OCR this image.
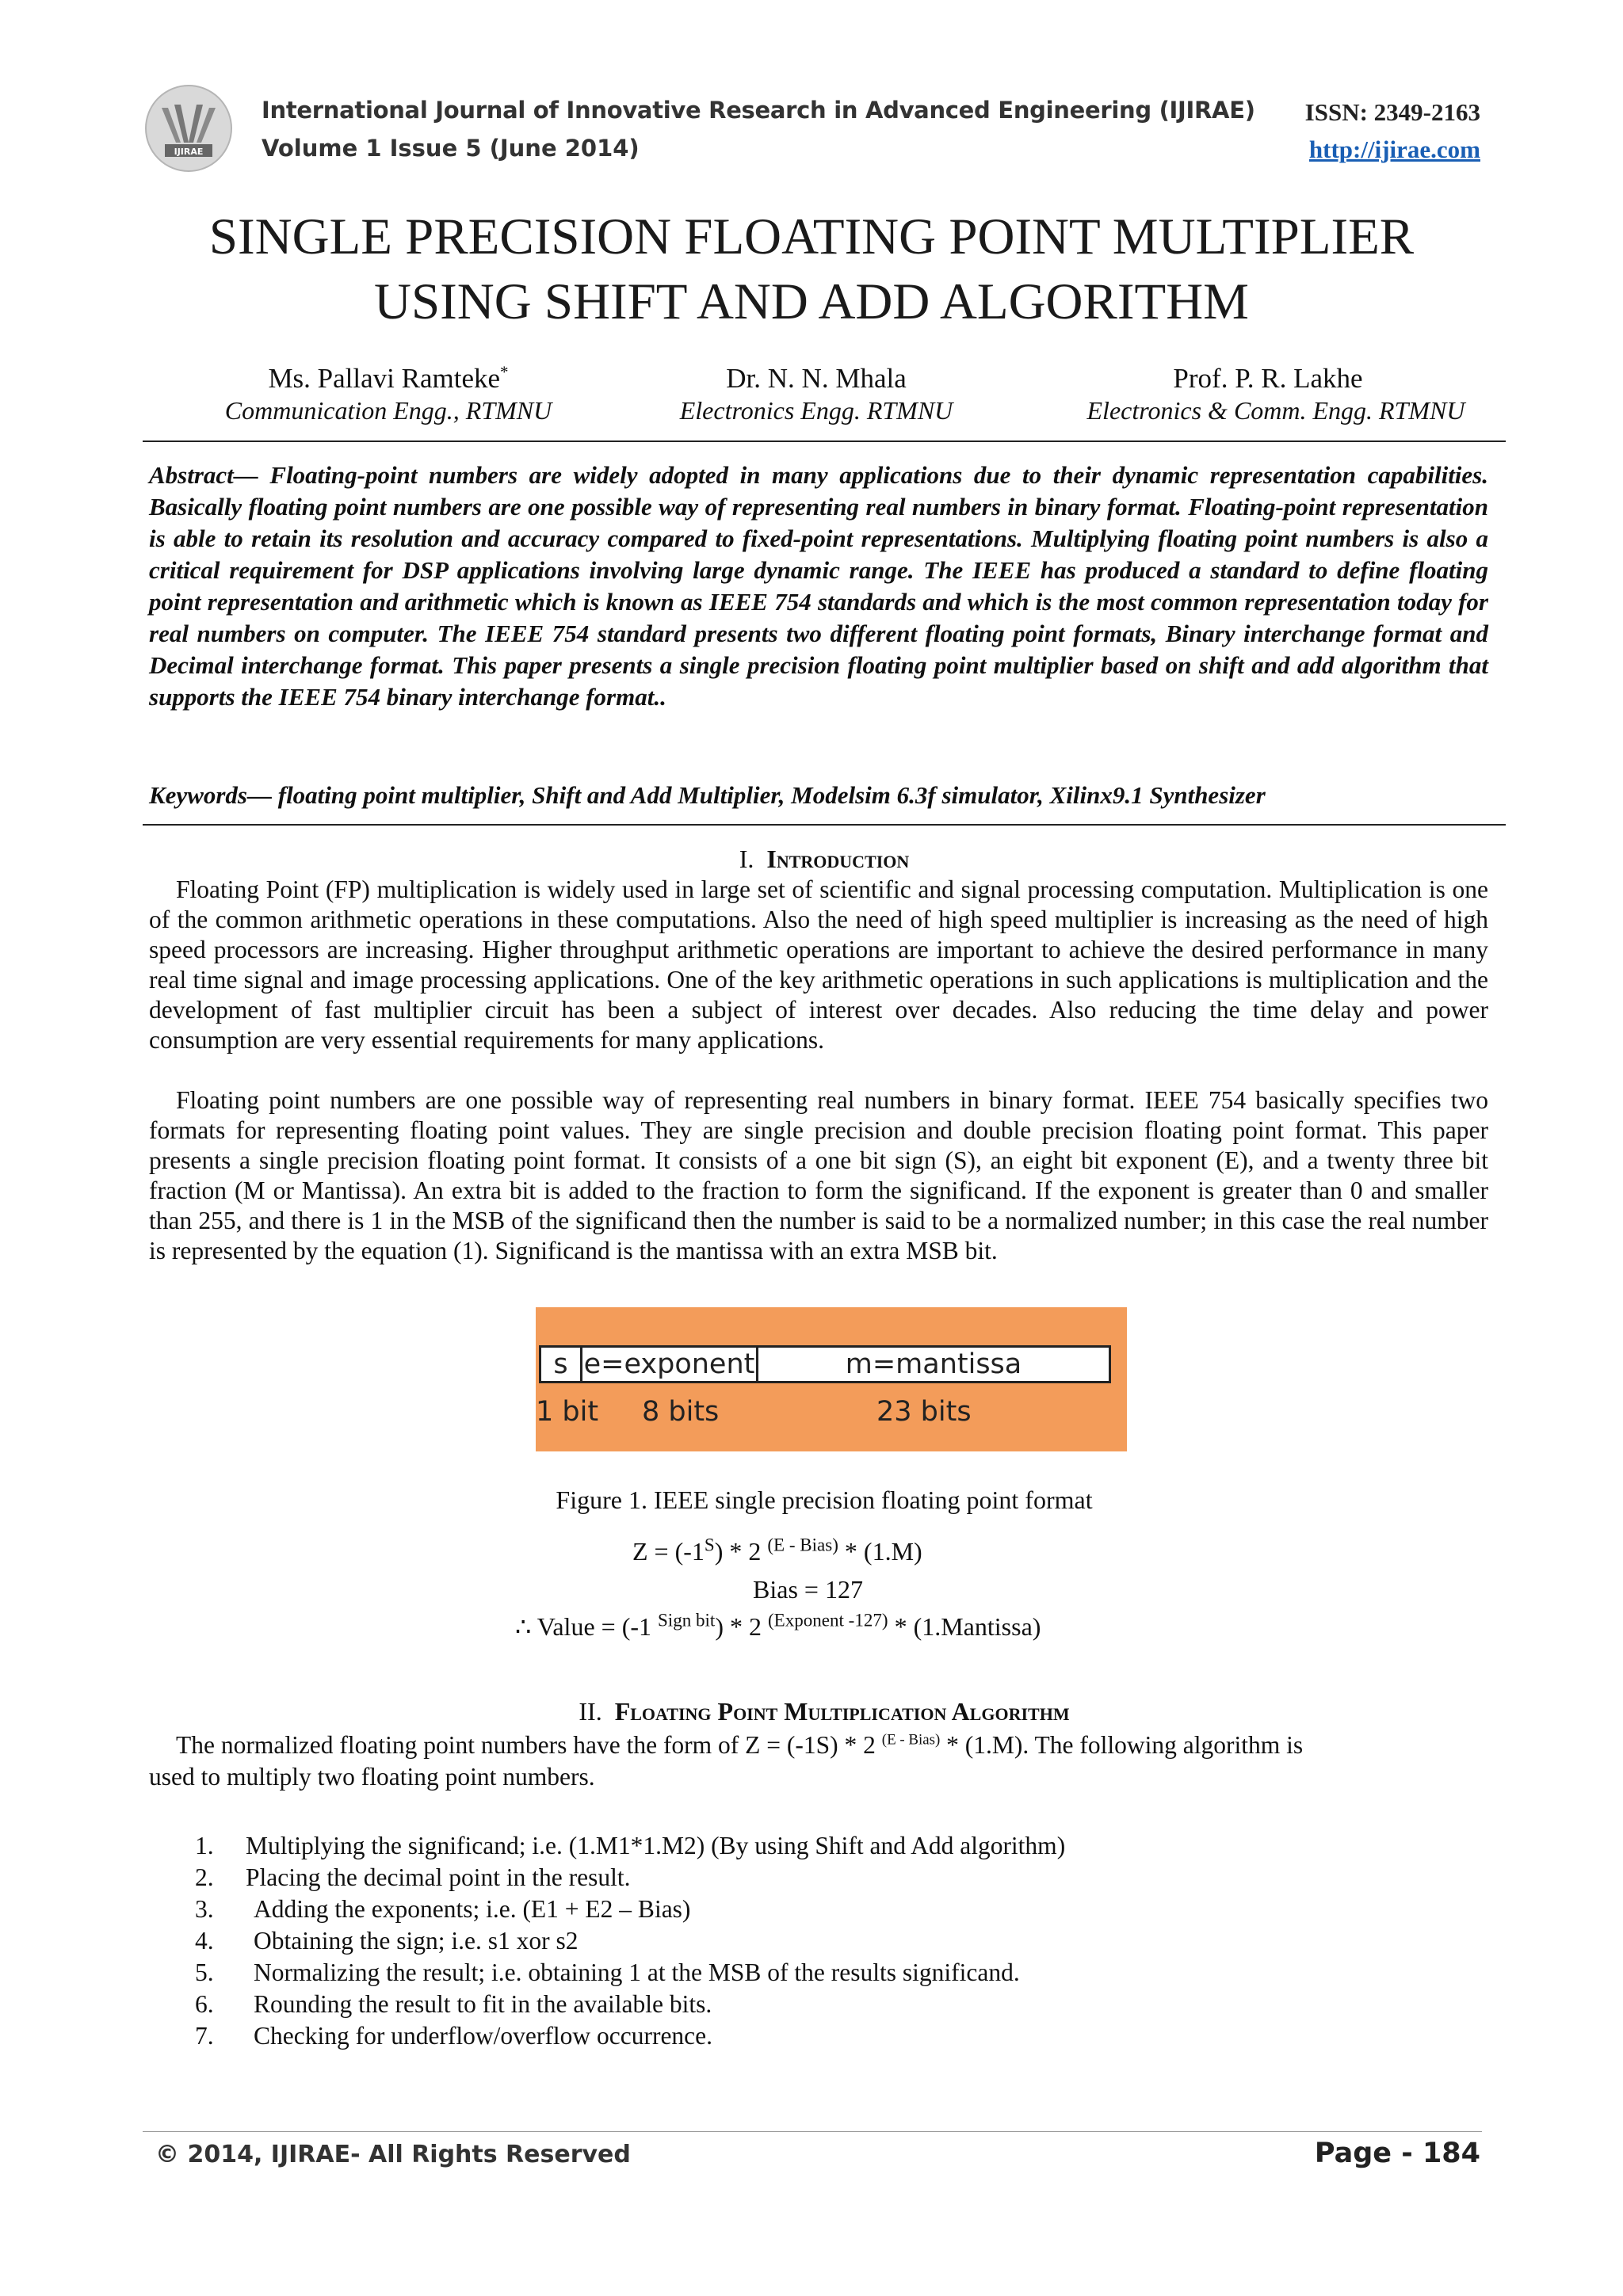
IJIRAE
International Journal of Innovative Research in Advanced Engineering (IJIRAE)
Volume 1 Issue 5 (June 2014)
ISSN: 2349-2163
http://ijirae.com
SINGLE PRECISION FLOATING POINT MULTIPLIER
USING SHIFT AND ADD ALGORITHM
Ms. Pallavi Ramteke*	Dr. N. N. Mhala	Prof. P. R. Lakhe
Communication Engg., RTMNU	Electronics Engg. RTMNU	Electronics & Comm. Engg. RTMNU
Abstract— Floating-point numbers are widely adopted in many applications due to their dynamic representation capabilities. Basically floating point numbers are one possible way of representing real numbers in binary format. Floating-point representation is able to retain its resolution and accuracy compared to fixed-point representations. Multiplying floating point numbers is also a critical requirement for DSP applications involving large dynamic range. The IEEE has produced a standard to define floating point representation and arithmetic which is known as IEEE 754 standards and which is the most common representation today for real numbers on computer. The IEEE 754 standard presents two different floating point formats, Binary interchange format and Decimal interchange format. This paper presents a single precision floating point multiplier based on shift and add algorithm that supports the IEEE 754 binary interchange format..
Keywords— floating point multiplier, Shift and Add Multiplier, Modelsim 6.3f simulator, Xilinx9.1 Synthesizer
I. Introduction
Floating Point (FP) multiplication is widely used in large set of scientific and signal processing computation. Multiplication is one of the common arithmetic operations in these computations. Also the need of high speed multiplier is increasing as the need of high speed processors are increasing. Higher throughput arithmetic operations are important to achieve the desired performance in many real time signal and image processing applications. One of the key arithmetic operations in such applications is multiplication and the development of fast multiplier circuit has been a subject of interest over decades. Also reducing the time delay and power consumption are very essential requirements for many applications.
Floating point numbers are one possible way of representing real numbers in binary format. IEEE 754 basically specifies two formats for representing floating point values. They are single precision and double precision floating point format. This paper presents a single precision floating point format. It consists of a one bit sign (S), an eight bit exponent (E), and a twenty three bit fraction (M or Mantissa). An extra bit is added to the fraction to form the significand. If the exponent is greater than 0 and smaller than 255, and there is 1 in the MSB of the significand then the number is said to be a normalized number; in this case the real number is represented by the equation (1). Significand is the mantissa with an extra MSB bit.
s e=exponent	m=mantissa
1 bit 8 bits	23 bits
Figure 1. IEEE single precision floating point format
$Z = (-1^S) * 2$ $^{(E - Bias)}$ * (1.M)
Bias = 127
∴ Value = (-1 $^{Sign bit}$) * 2 $^{(Exponent -127)}$ * (1.Mantissa)
II. Floating Point Multiplication Algorithm
The normalized floating point numbers have the form of Z = (-1S) * 2 $^{(E - Bias)}$ * (1.M). The following algorithm is
used to multiply two floating point numbers.
1.	Multiplying the significand; i.e. (1.M1*1.M2) (By using Shift and Add algorithm)
2.	Placing the decimal point in the result.
3.	Adding the exponents; i.e. (E1 + E2 – Bias)
4.	Obtaining the sign; i.e. s1 xor s2
5.	Normalizing the result; i.e. obtaining 1 at the MSB of the results significand.
6.	Rounding the result to fit in the available bits.
7.	Checking for underflow/overflow occurrence.
© 2014, IJIRAE- All Rights Reserved	Page - 184
